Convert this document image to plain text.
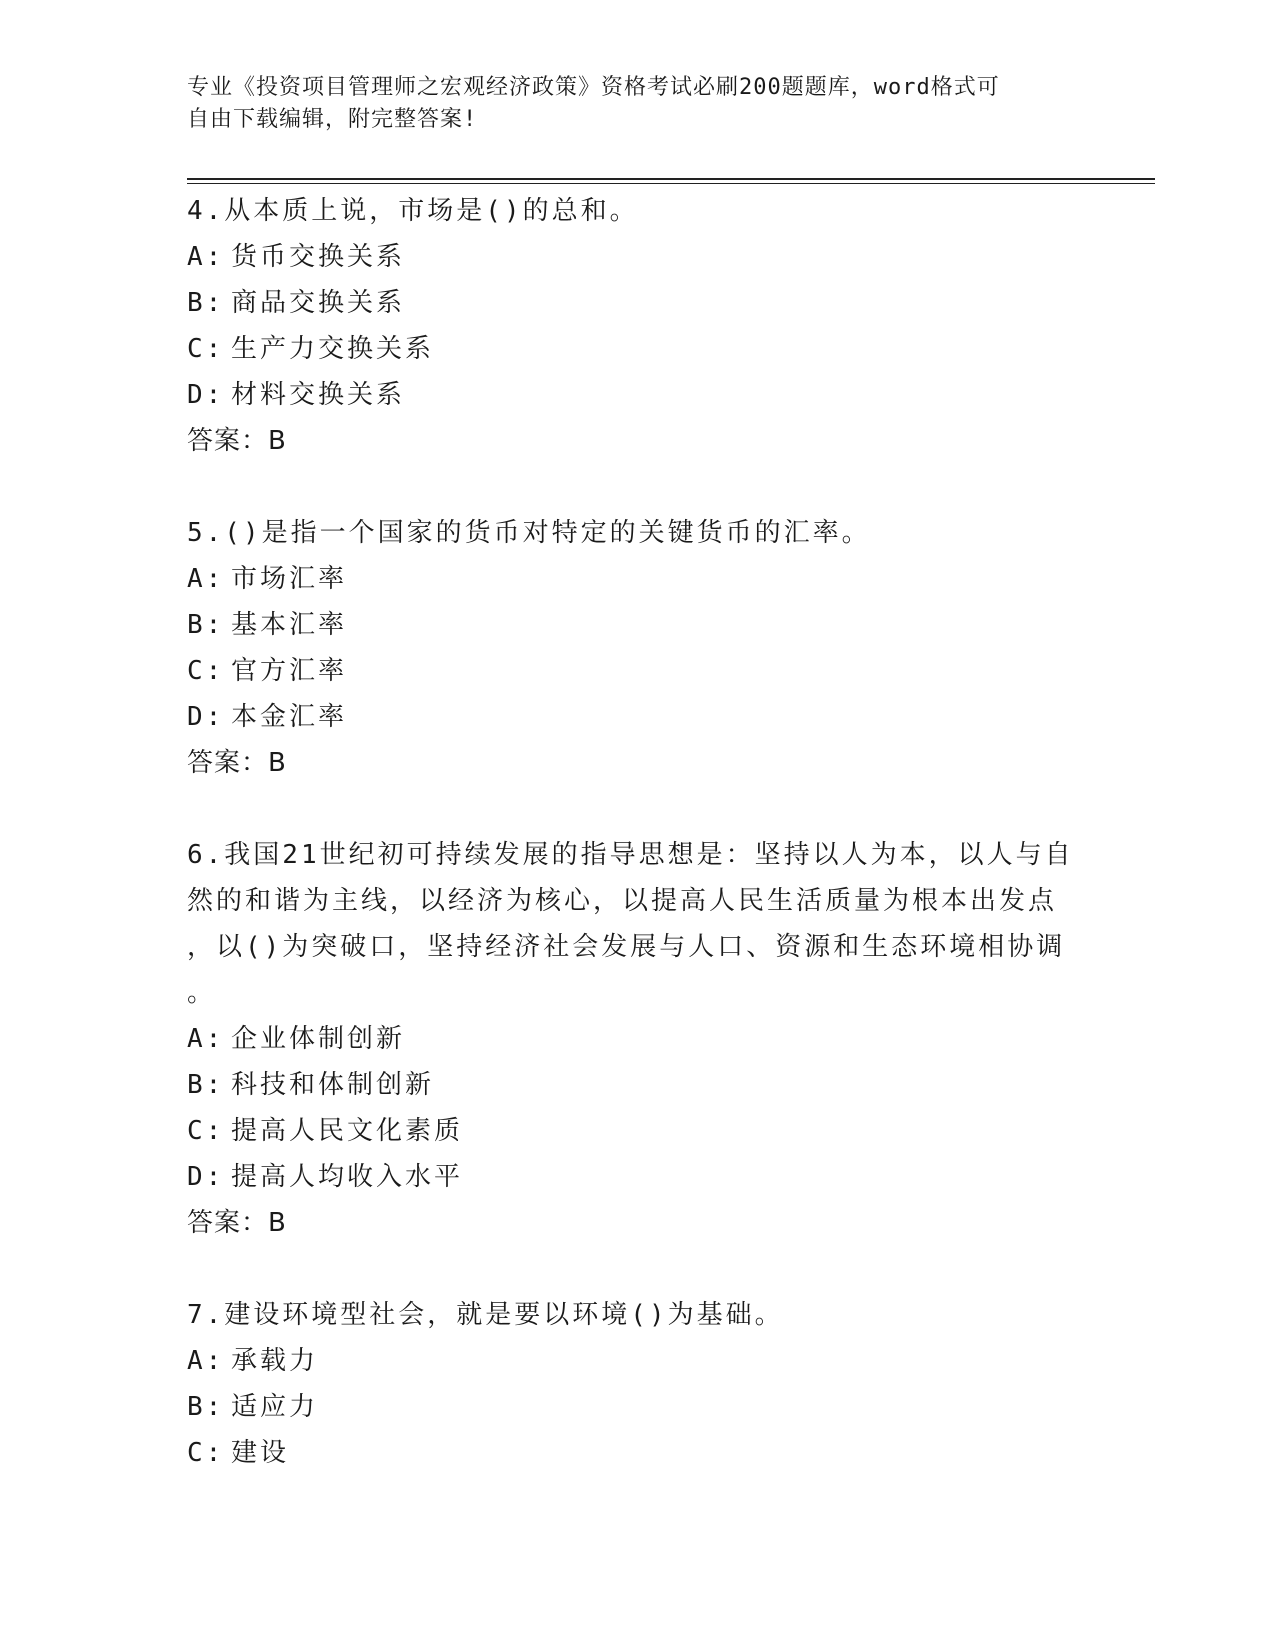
专业《投资项目管理师之宏观经济政策》资格考试必刷200题题库，word格式可
自由下载编辑，附完整答案!
4.从本质上说，市场是()的总和。
A: 货币交换关系
B: 商品交换关系
C: 生产力交换关系
D: 材料交换关系
答案：B
5.()是指一个国家的货币对特定的关键货币的汇率。
A: 市场汇率
B: 基本汇率
C: 官方汇率
D: 本金汇率
答案：B
6.我国21世纪初可持续发展的指导思想是：坚持以人为本，以人与自
然的和谐为主线，以经济为核心，以提高人民生活质量为根本出发点
，以()为突破口，坚持经济社会发展与人口、资源和生态环境相协调
。
A: 企业体制创新
B: 科技和体制创新
C: 提高人民文化素质
D: 提高人均收入水平
答案：B
7.建设环境型社会，就是要以环境()为基础。
A: 承载力
B: 适应力
C: 建设
